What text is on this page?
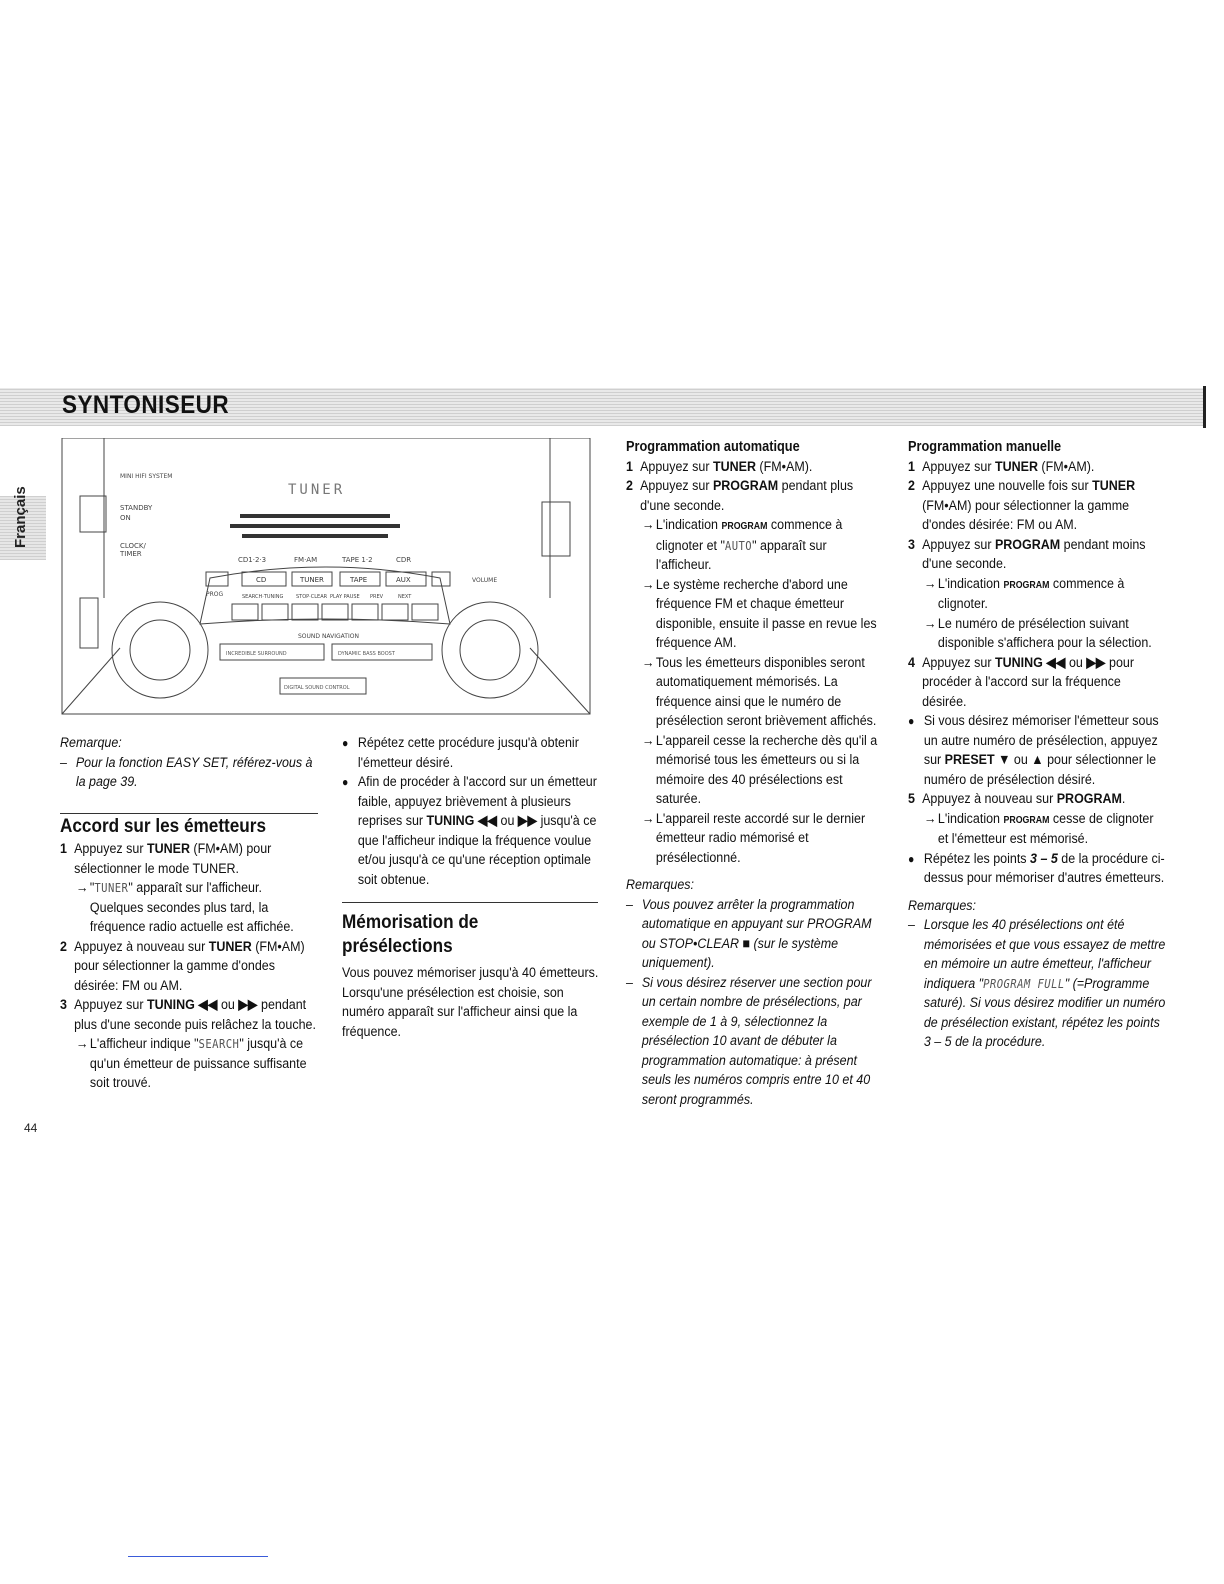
SYNTONISEUR
Français
MINI HIFI SYSTEM
STANDBY
ON
CLOCK/
TIMER
TUNER
CD1·2·3	FM·AM	TAPE 1·2	CDR
CD	TUNER	TAPE	AUX
PROG
VOLUME
SEARCH·TUNING	STOP·CLEAR PLAY PAUSE PREV	NEXT
SOUND NAVIGATION
INCREDIBLE SURROUND	DYNAMIC BASS BOOST
DIGITAL SOUND CONTROL

Remarque:

– Pour la fonction EASY SET, référez-vous à la page 39.

Accord sur les émetteurs

1 Appuyez sur TUNER (FM•AM) pour sélectionner le mode TUNER.

→ "TUNER" apparaît sur l'afficheur. Quelques secondes plus tard, la fréquence radio actuelle est affichée.

2 Appuyez à nouveau sur TUNER (FM•AM) pour sélectionner la gamme d'ondes désirée: FM ou AM.

3 Appuyez sur TUNING ◀◀ ou ▶▶ pendant plus d'une seconde puis relâchez la touche.

→ L'afficheur indique "SEARCH" jusqu'à ce qu'un émetteur de puissance suffisante soit trouvé.

● Répétez cette procédure jusqu'à obtenir l'émetteur désiré.

● Afin de procéder à l'accord sur un émetteur faible, appuyez brièvement à plusieurs reprises sur TUNING ◀◀ ou ▶▶ jusqu'à ce que l'afficheur indique la fréquence voulue et/ou jusqu'à ce qu'une réception optimale soit obtenue.

Mémorisation de

présélections

Vous pouvez mémoriser jusqu'à 40 émetteurs. Lorsqu'une présélection est choisie, son numéro apparaît sur l'afficheur ainsi que la fréquence.

Programmation automatique

1 Appuyez sur TUNER (FM•AM).

2 Appuyez sur PROGRAM pendant plus d'une seconde.

→ L'indication PROGRAM commence à clignoter et "AUTO" apparaît sur l'afficheur.

→ Le système recherche d'abord une fréquence FM et chaque émetteur disponible, ensuite il passe en revue les fréquence AM.

→ Tous les émetteurs disponibles seront automatiquement mémorisés. La fréquence ainsi que le numéro de présélection seront brièvement affichés.

→ L'appareil cesse la recherche dès qu'il a mémorisé tous les émetteurs ou si la mémoire des 40 présélections est saturée.

→ L'appareil reste accordé sur le dernier émetteur radio mémorisé et présélectionné.

Remarques:

– Vous pouvez arrêter la programmation automatique en appuyant sur PROGRAM ou STOP•CLEAR ■ (sur le système uniquement).

– Si vous désirez réserver une section pour un certain nombre de présélections, par exemple de 1 à 9, sélectionnez la présélection 10 avant de débuter la programmation automatique: à présent seuls les numéros compris entre 10 et 40 seront programmés.

Programmation manuelle

1 Appuyez sur TUNER (FM•AM).

2 Appuyez une nouvelle fois sur TUNER (FM•AM) pour sélectionner la gamme d'ondes désirée: FM ou AM.

3 Appuyez sur PROGRAM pendant moins d'une seconde.

→ L'indication PROGRAM commence à clignoter.

→ Le numéro de présélection suivant disponible s'affichera pour la sélection.

4 Appuyez sur TUNING ◀◀ ou ▶▶ pour procéder à l'accord sur la fréquence désirée.

● Si vous désirez mémoriser l'émetteur sous un autre numéro de présélection, appuyez sur PRESET ▼ ou ▲ pour sélectionner le numéro de présélection désiré.

5 Appuyez à nouveau sur PROGRAM.

→ L'indication PROGRAM cesse de clignoter et l'émetteur est mémorisé.

● Répétez les points 3 – 5 de la procédure ci-dessus pour mémoriser d'autres émetteurs.

Remarques:

– Lorsque les 40 présélections ont été mémorisées et que vous essayez de mettre en mémoire un autre émetteur, l'afficheur indiquera "PROGRAM FULL" (=Programme saturé). Si vous désirez modifier un numéro de présélection existant, répétez les points 3 – 5 de la procédure.

44
